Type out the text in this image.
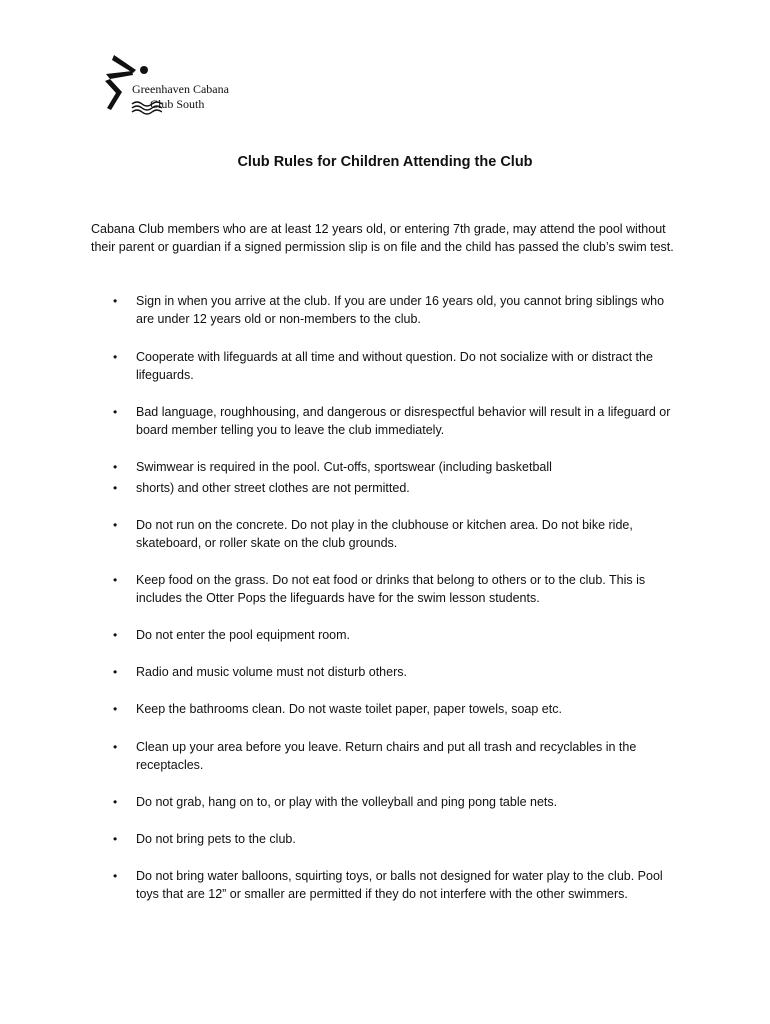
Greenhaven Cabana
Club South
Club Rules for Children Attending the Club

Cabana Club members who are at least 12 years old, or entering 7th grade, may attend the pool without their parent or guardian if a signed permission slip is on file and the child has passed the club’s swim test.

• Sign in when you arrive at the club. If you are under 16 years old, you cannot bring siblings who are under 12 years old or non-members to the club.
• Cooperate with lifeguards at all time and without question. Do not socialize with or distract the lifeguards.
• Bad language, roughhousing, and dangerous or disrespectful behavior will result in a lifeguard or board member telling you to leave the club immediately.
• Swimwear is required in the pool. Cut-offs, sportswear (including basketball
• shorts) and other street clothes are not permitted.
• Do not run on the concrete. Do not play in the clubhouse or kitchen area. Do not bike ride, skateboard, or roller skate on the club grounds.
• Keep food on the grass. Do not eat food or drinks that belong to others or to the club. This is includes the Otter Pops the lifeguards have for the swim lesson students.
• Do not enter the pool equipment room.
• Radio and music volume must not disturb others.
• Keep the bathrooms clean. Do not waste toilet paper, paper towels, soap etc.
• Clean up your area before you leave. Return chairs and put all trash and recyclables in the receptacles.
• Do not grab, hang on to, or play with the volleyball and ping pong table nets.
• Do not bring pets to the club.
• Do not bring water balloons, squirting toys, or balls not designed for water play to the club. Pool toys that are 12” or smaller are permitted if they do not interfere with the other swimmers.
